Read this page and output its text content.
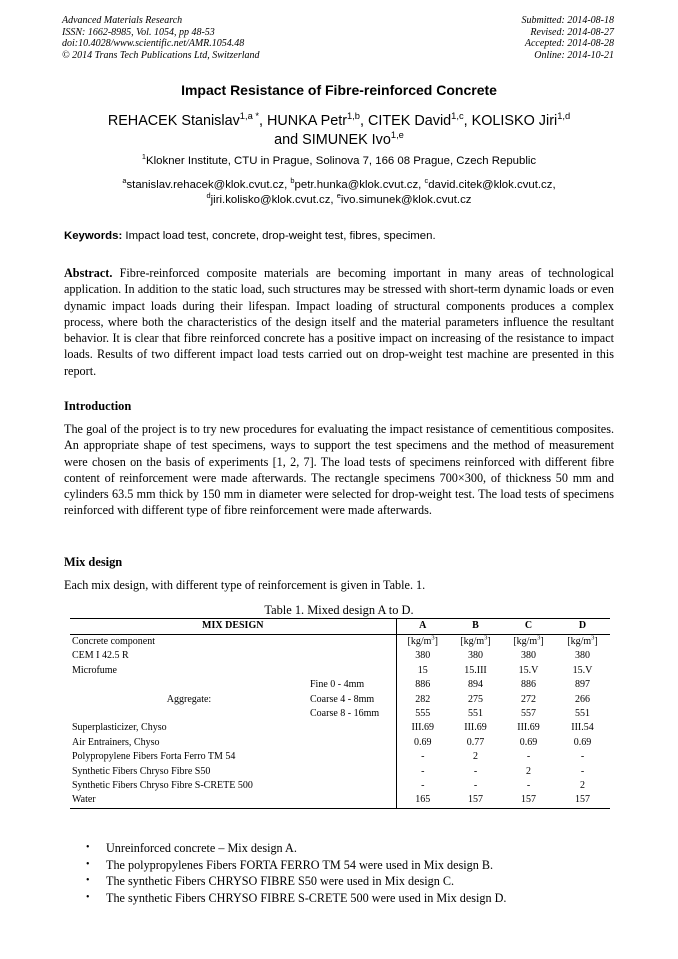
Advanced Materials Research
ISSN: 1662-8985, Vol. 1054, pp 48-53
doi:10.4028/www.scientific.net/AMR.1054.48
© 2014 Trans Tech Publications Ltd, Switzerland
Submitted: 2014-08-18
Revised: 2014-08-27
Accepted: 2014-08-28
Online: 2014-10-21
Impact Resistance of Fibre-reinforced Concrete
REHACEK Stanislav$^{1,a *}$, HUNKA Petr$^{1,b}$, CITEK David$^{1,c}$, KOLISKO Jiri$^{1,d}$
and SIMUNEK Ivo$^{1,e}$
$^1$Klokner Institute, CTU in Prague, Solinova 7, 166 08 Prague, Czech Republic
$^a$stanislav.rehacek@klok.cvut.cz, $^b$petr.hunka@klok.cvut.cz, $^c$david.citek@klok.cvut.cz,
$^d$jiri.kolisko@klok.cvut.cz, $^e$ivo.simunek@klok.cvut.cz
Keywords: Impact load test, concrete, drop-weight test, fibres, specimen.
Abstract. Fibre-reinforced composite materials are becoming important in many areas of technological application. In addition to the static load, such structures may be stressed with short-term dynamic loads or even dynamic impact loads during their lifespan. Impact loading of structural components produces a complex process, where both the characteristics of the design itself and the material parameters influence the resultant behavior. It is clear that fibre reinforced concrete has a positive impact on increasing of the resistance to impact loads. Results of two different impact load tests carried out on drop-weight test machine are presented in this report.
Introduction
The goal of the project is to try new procedures for evaluating the impact resistance of cementitious composites. An appropriate shape of test specimens, ways to support the test specimens and the method of measurement were chosen on the basis of experiments [1, 2, 7]. The load tests of specimens reinforced with different fibre content of reinforcement were made afterwards. The rectangle specimens 700×300, of thickness 50 mm and cylinders 63.5 mm thick by 150 mm in diameter were selected for drop-weight test. The load tests of specimens reinforced with different type of fibre reinforcement were made afterwards.
Mix design
Each mix design, with different type of reinforcement is given in Table. 1.
Table 1. Mixed design A to D.
MIX DESIGN		A	B	C	D
Concrete component		$[kg/m^3]$	$[kg/m^3]$	$[kg/m^3]$	$[kg/m^3]$
CEM I 42.5 R		380	380	380	380
Microfume		15	15.III	15.V	15.V
Aggregate:	Fine 0 - 4mm	886	894	886	897
	Coarse 4 - 8mm	282	275	272	266
	Coarse 8 - 16mm	555	551	557	551
Superplasticizer, Chyso		III.69	III.69	III.69	III.54
Air Entrainers, Chyso		0.69	0.77	0.69	0.69
Polypropylene Fibers Forta Ferro TM 54		-	2	-	-
Synthetic Fibers Chryso Fibre S50		-	-	2	-
Synthetic Fibers Chryso Fibre S-CRETE 500		-	-	-	2
Water		165	157	157	157
• Unreinforced concrete – Mix design A.
• The polypropylenes Fibers FORTA FERRO TM 54 were used in Mix design B.
• The synthetic Fibers CHRYSO FIBRE S50 were used in Mix design C.
• The synthetic Fibers CHRYSO FIBRE S-CRETE 500 were used in Mix design D.
